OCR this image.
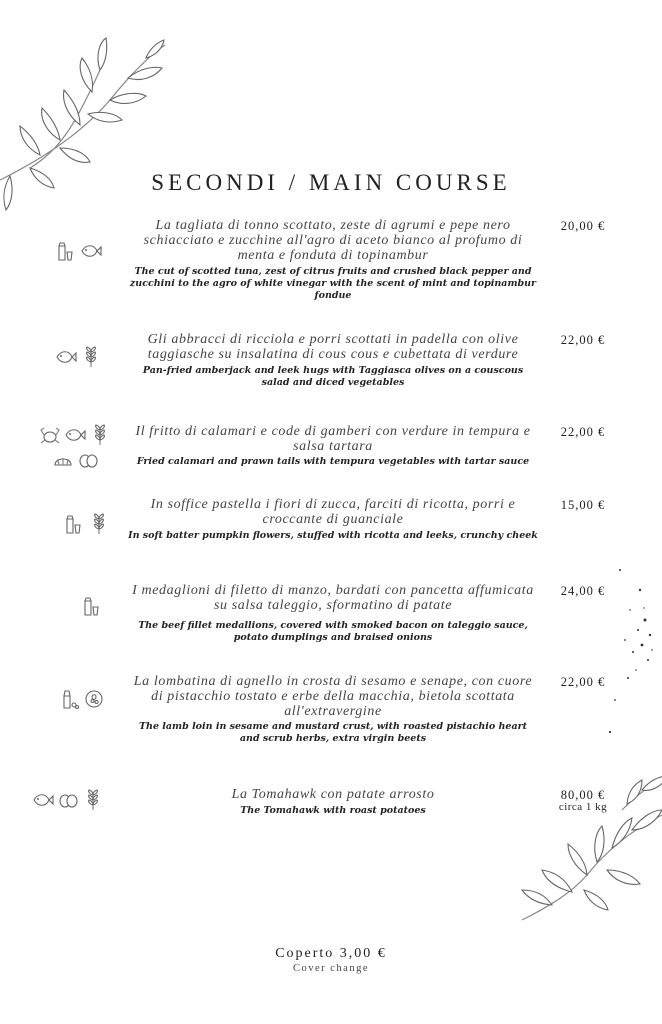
SECONDI / MAIN COURSE
La tagliata di tonno scottato, zeste di agrumi e pepe nero schiacciato e zucchine all'agro di aceto bianco al profumo di menta e fonduta di topinambur
The cut of scotted tuna, zest of citrus fruits and crushed black pepper and zucchini to the agro of white vinegar with the scent of mint and topinambur fondue
20,00 €
Gli abbracci di ricciola e porri scottati in padella con olive taggiasche su insalatina di cous cous e cubettata di verdure
Pan-fried amberjack and leek hugs with Taggiasca olives on a couscous salad and diced vegetables
22,00 €
Il fritto di calamari e code di gamberi con verdure in tempura e salsa tartara
Fried calamari and prawn tails with tempura vegetables with tartar sauce
22,00 €
In soffice pastella i fiori di zucca, farciti di ricotta, porri e croccante di guanciale
In soft batter pumpkin flowers, stuffed with ricotta and leeks, crunchy cheek
15,00 €
I medaglioni di filetto di manzo, bardati con pancetta affumicata su salsa taleggio, sformatino di patate
The beef fillet medallions, covered with smoked bacon on taleggio sauce, potato dumplings and braised onions
24,00 €
La lombatina di agnello in crosta di sesamo e senape, con cuore di pistacchio tostato e erbe della macchia, bietola scottata all'extravergine
The lamb loin in sesame and mustard crust, with roasted pistachio heart and scrub herbs, extra virgin beets
22,00 €
La Tomahawk con patate arrosto
The Tomahawk with roast potatoes
80,00 €
circa 1 kg
Coperto 3,00 €
Cover change
